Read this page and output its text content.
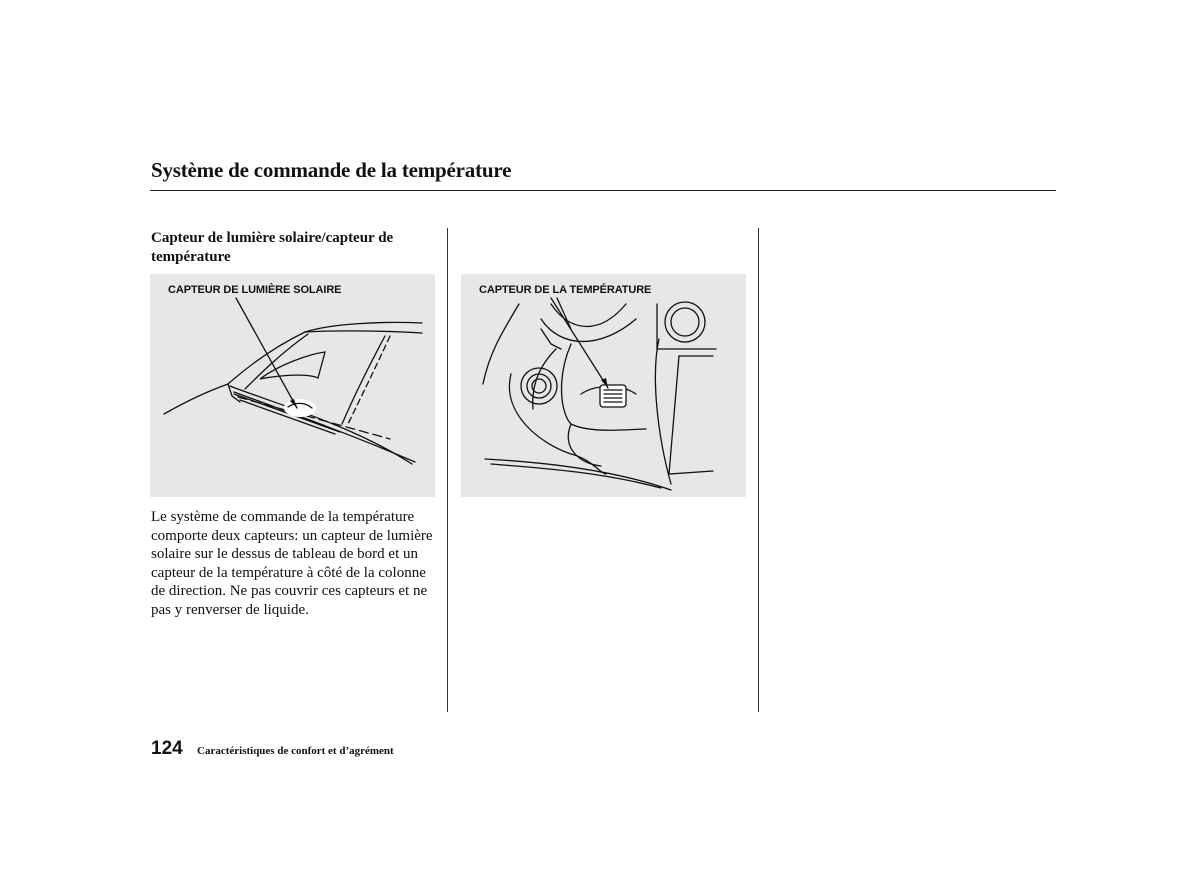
Système de commande de la température
Capteur de lumière solaire/capteur de température
CAPTEUR DE LUMIÈRE SOLAIRE	CAPTEUR DE LA TEMPÉRATURE
Le système de commande de la température comporte deux capteurs: un capteur de lumière solaire sur le dessus de tableau de bord et un capteur de la température à côté de la colonne de direction. Ne pas couvrir ces capteurs et ne pas y renverser de liquide.
124 Caractéristiques de confort et d’agrément
